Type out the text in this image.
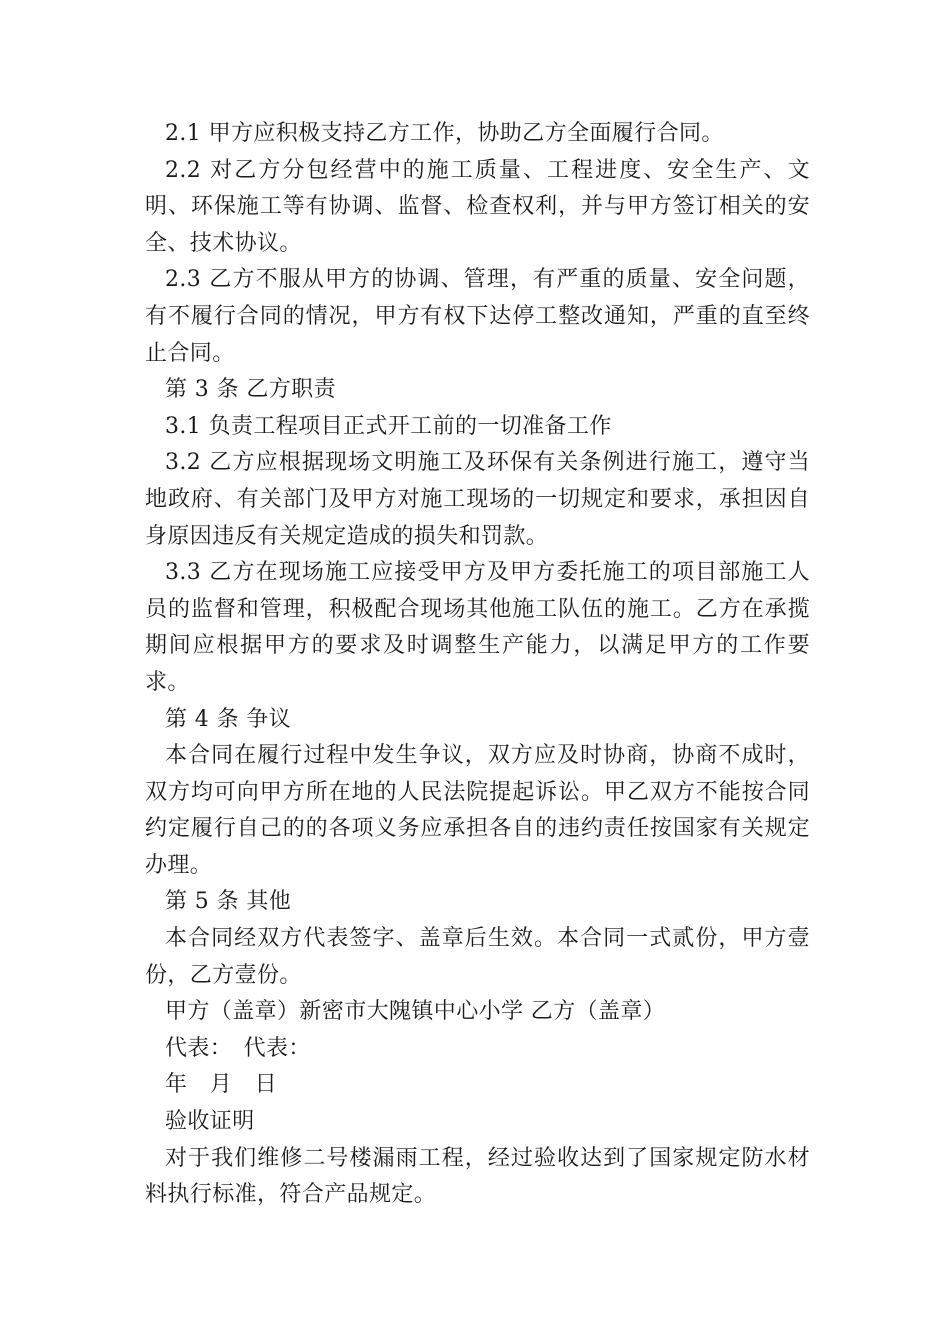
2.1 甲方应积极支持乙方工作，协助乙方全面履行合同。

2.2 对乙方分包经营中的施工质量、工程进度、安全生产、文明、环保施工等有协调、监督、检查权利，并与甲方签订相关的安全、技术协议。

2.3 乙方不服从甲方的协调、管理，有严重的质量、安全问题，有不履行合同的情况，甲方有权下达停工整改通知，严重的直至终止合同。

第 3 条 乙方职责

3.1 负责工程项目正式开工前的一切准备工作

3.2 乙方应根据现场文明施工及环保有关条例进行施工，遵守当地政府、有关部门及甲方对施工现场的一切规定和要求，承担因自身原因违反有关规定造成的损失和罚款。

3.3 乙方在现场施工应接受甲方及甲方委托施工的项目部施工人员的监督和管理，积极配合现场其他施工队伍的施工。乙方在承揽期间应根据甲方的要求及时调整生产能力，以满足甲方的工作要求。

第 4 条 争议

本合同在履行过程中发生争议，双方应及时协商，协商不成时，双方均可向甲方所在地的人民法院提起诉讼。甲乙双方不能按合同约定履行自己的的各项义务应承担各自的违约责任按国家有关规定办理。

第 5 条 其他

本合同经双方代表签字、盖章后生效。本合同一式贰份，甲方壹份，乙方壹份。

甲方（盖章）新密市大隗镇中心小学 乙方（盖章）

代表：　代表：

年　月　日

验收证明

对于我们维修二号楼漏雨工程，经过验收达到了国家规定防水材料执行标准，符合产品规定。
